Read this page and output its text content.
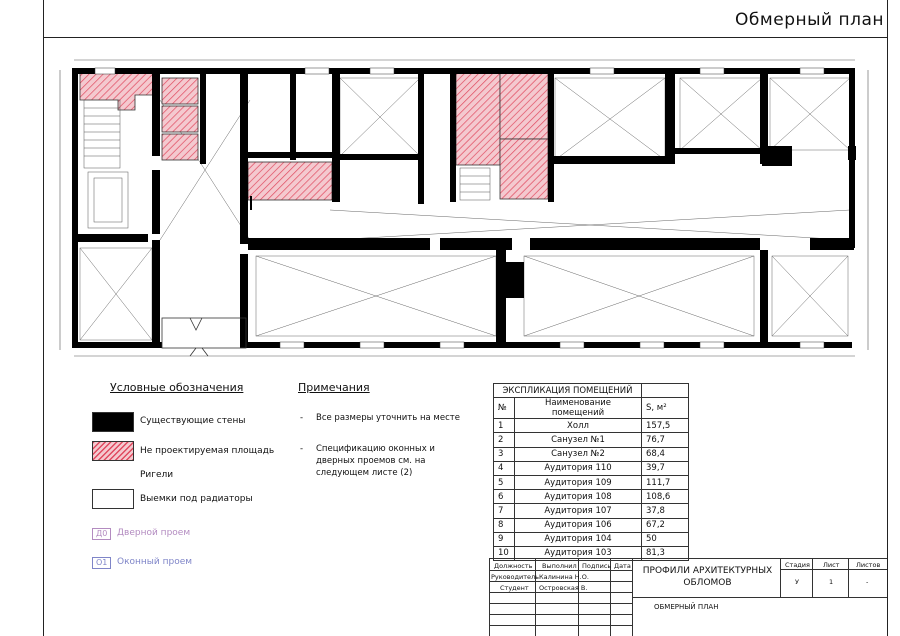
Обмерный план
Условные обозначения
Существующие стены
Не проектируемая площадь
Ригели
Выемки под радиаторы
Д0	Дверной проем
О1	Оконный проем
Примечания
- Все размеры уточнить на месте
- Спецификацию оконных и дверных проемов см. на следующем листе (2)
ЭКСПЛИКАЦИЯ ПОМЕЩЕНИЙ		
№	Наименование помещений	S, м²
1	Холл	157,5
2	Санузел №1	76,7
3	Санузел №2	68,4
4	Аудитория 110	39,7
5	Аудитория 109	111,7
6	Аудитория 108	108,6
7	Аудитория 107	37,8
8	Аудитория 106	67,2
9	Аудитория 104	50
10	Аудитория 103	81,3
Должность Выполнил Подпись Дата
Руководитель Калинина Н.О.
Студент Островская В.
ПРОФИЛИ АРХИТЕКТУРНЫХ ОБЛОМОВ
ОБМЕРНЫЙ ПЛАН
Стадия Лист	Листов
У	1	-
